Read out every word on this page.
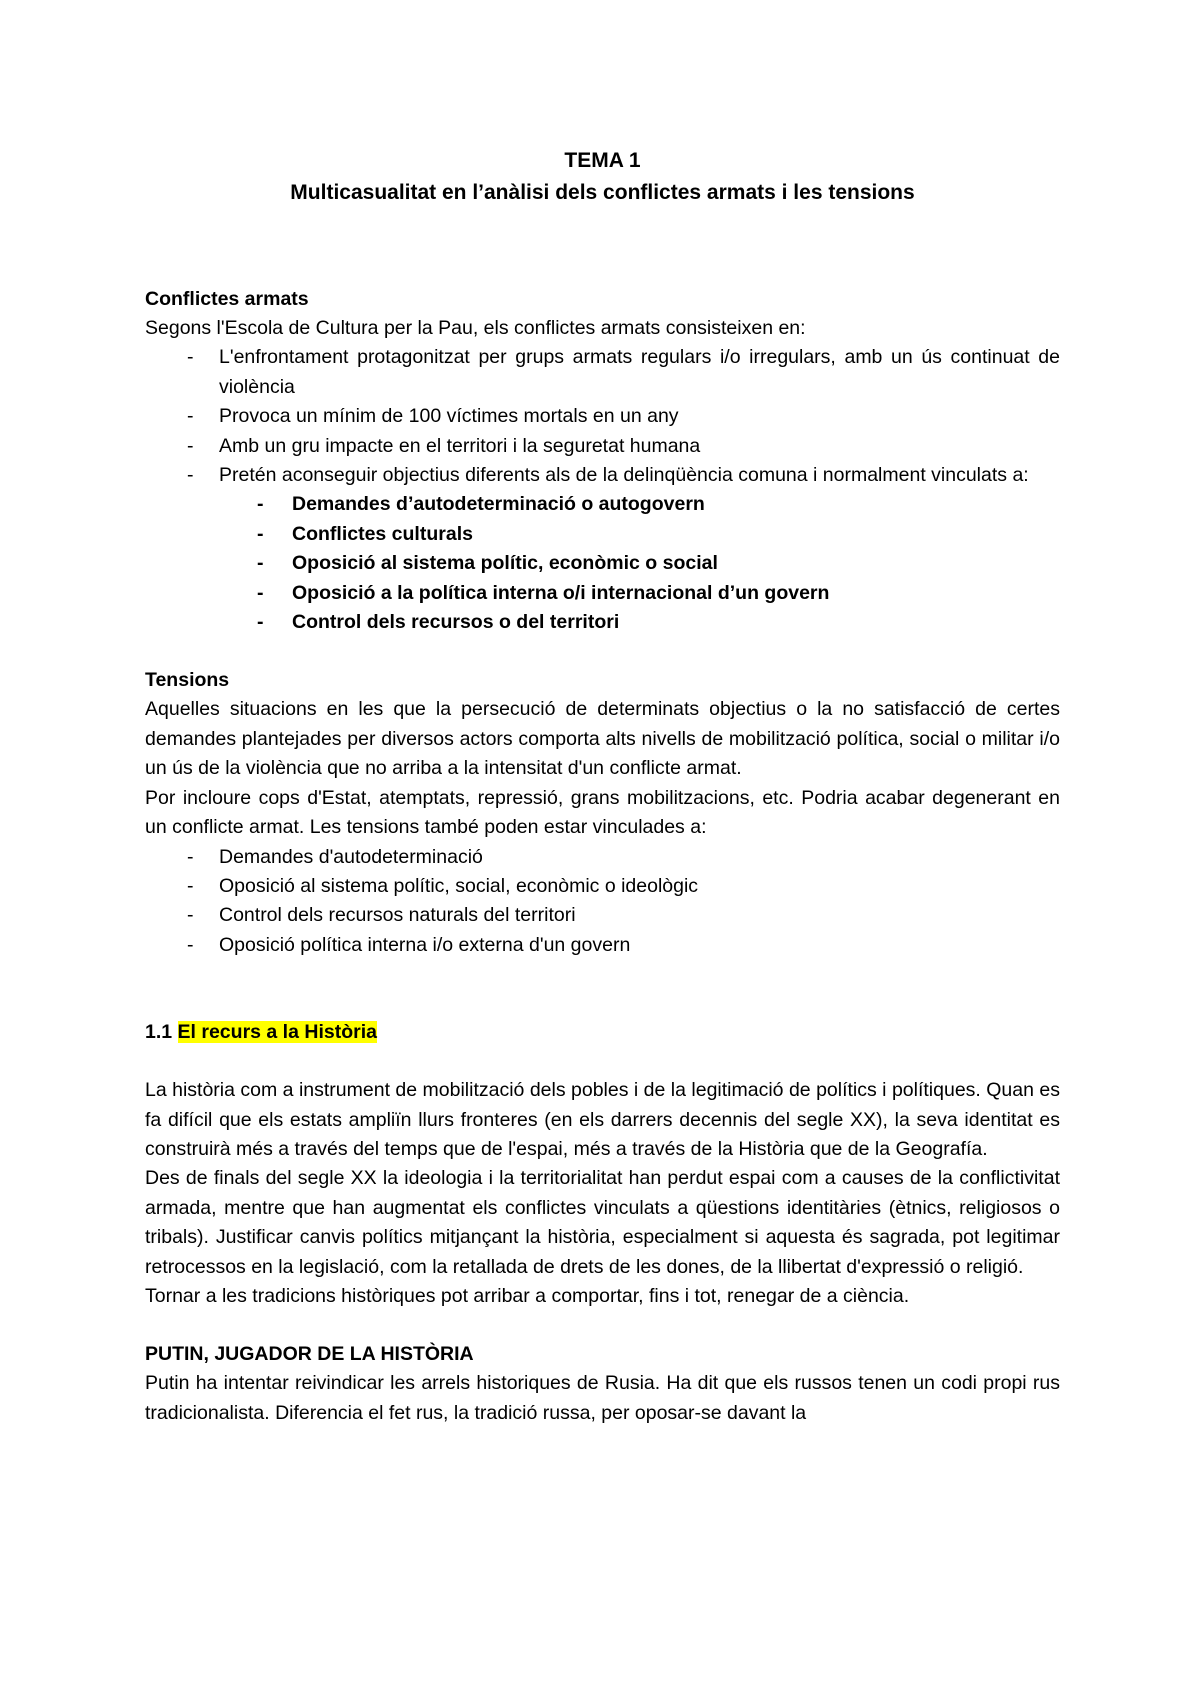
TEMA 1
Multicasualitat en l’anàlisi dels conflictes armats i les tensions
Conflictes armats

Segons l'Escola de Cultura per la Pau, els conflictes armats consisteixen en:

- L'enfrontament protagonitzat per grups armats regulars i/o irregulars, amb un ús continuat de violència
- Provoca un mínim de 100 víctimes mortals en un any
- Amb un gru impacte en el territori i la seguretat humana
- Pretén aconseguir objectius diferents als de la delinqüència comuna i normalment vinculats a:
- Demandes d’autodeterminació o autogovern
- Conflictes culturals
- Oposició al sistema polític, econòmic o social
- Oposició a la política interna o/i internacional d’un govern
- Control dels recursos o del territori
Tensions

Aquelles situacions en les que la persecució de determinats objectius o la no satisfacció de certes demandes plantejades per diversos actors comporta alts nivells de mobilització política, social o militar i/o un ús de la violència que no arriba a la intensitat d'un conflicte armat.

Por incloure cops d'Estat, atemptats, repressió, grans mobilitzacions, etc. Podria acabar degenerant en un conflicte armat. Les tensions també poden estar vinculades a:

- Demandes d'autodeterminació
- Oposició al sistema polític, social, econòmic o ideològic
- Control dels recursos naturals del territori
- Oposició política interna i/o externa d'un govern
1.1 El recurs a la Història

La història com a instrument de mobilització dels pobles i de la legitimació de polítics i polítiques. Quan es fa difícil que els estats ampliïn llurs fronteres (en els darrers decennis del segle XX), la seva identitat es construirà més a través del temps que de l'espai, més a través de la Història que de la Geografía.

Des de finals del segle XX la ideologia i la territorialitat han perdut espai com a causes de la conflictivitat armada, mentre que han augmentat els conflictes vinculats a qüestions identitàries (ètnics, religiosos o tribals). Justificar canvis polítics mitjançant la història, especialment si aquesta és sagrada, pot legitimar retrocessos en la legislació, com la retallada de drets de les dones, de la llibertat d'expressió o religió.

Tornar a les tradicions històriques pot arribar a comportar, fins i tot, renegar de a ciència.

PUTIN, JUGADOR DE LA HISTÒRIA

Putin ha intentar reivindicar les arrels historiques de Rusia. Ha dit que els russos tenen un codi propi rus tradicionalista. Diferencia el fet rus, la tradició russa, per oposar-se davant la
